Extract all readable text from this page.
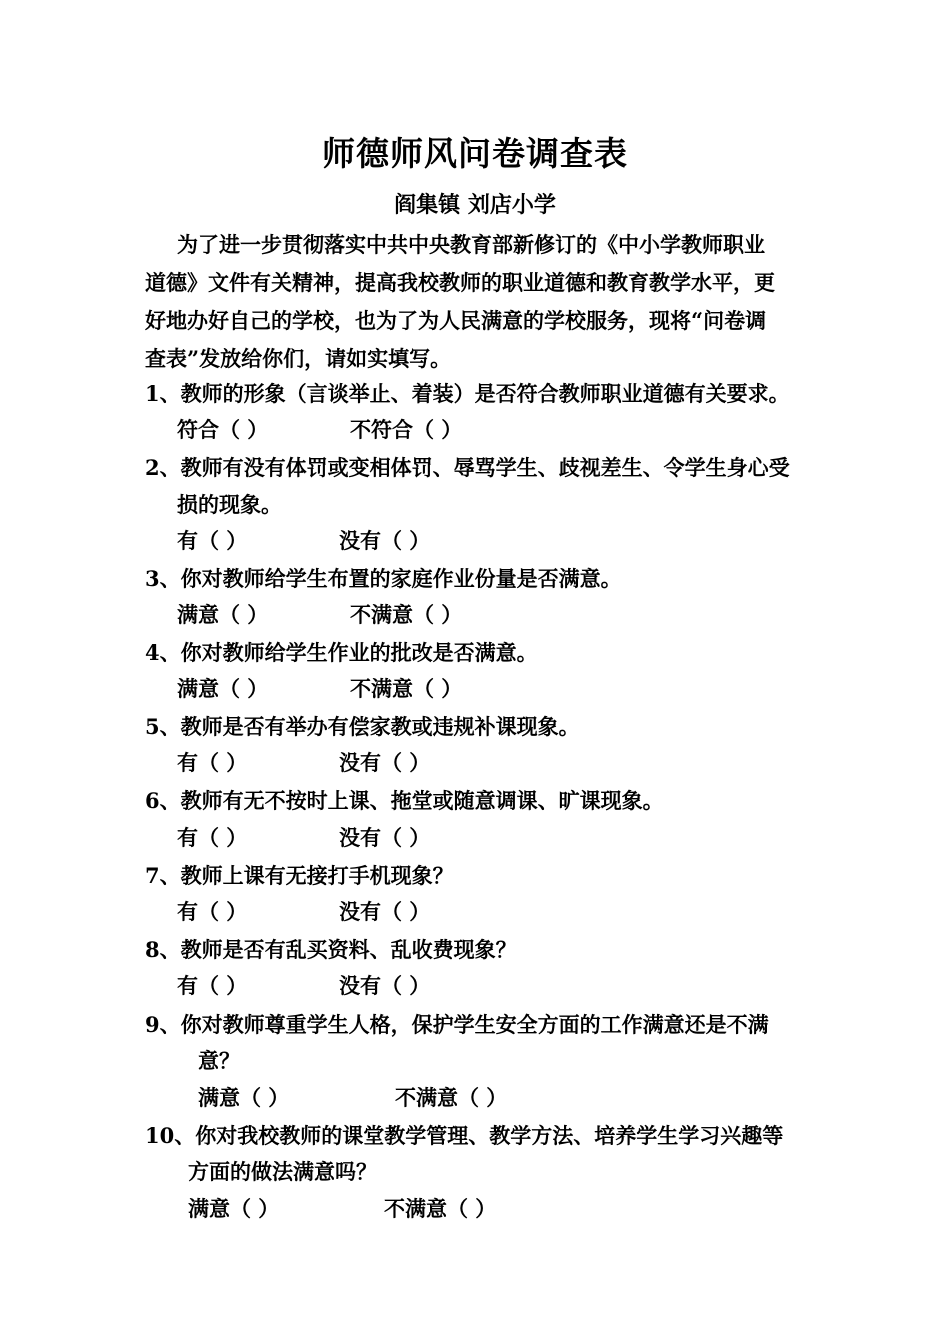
师德师风问卷调查表
阎集镇 刘店小学
为了进一步贯彻落实中共中央教育部新修订的《中小学教师职业
道德》文件有关精神，提高我校教师的职业道德和教育教学水平，更
好地办好自己的学校，也为了为人民满意的学校服务，现将“问卷调
查表”发放给你们，请如实填写。
1、教师的形象（言谈举止、着装）是否符合教师职业道德有关要求。
符合（ ）	不符合（ ）
2、教师有没有体罚或变相体罚、辱骂学生、歧视差生、令学生身心受
损的现象。
有（ ）	没有（ ）
3、你对教师给学生布置的家庭作业份量是否满意。
满意（ ）	不满意（ ）
4、你对教师给学生作业的批改是否满意。
满意（ ）	不满意（ ）
5、教师是否有举办有偿家教或违规补课现象。
有（ ）	没有（ ）
6、教师有无不按时上课、拖堂或随意调课、旷课现象。
有（ ）	没有（ ）
7、教师上课有无接打手机现象？
有（ ）	没有（ ）
8、教师是否有乱买资料、乱收费现象？
有（ ）	没有（ ）
9、你对教师尊重学生人格，保护学生安全方面的工作满意还是不满
意？
满意（ ）	不满意（ ）
10、你对我校教师的课堂教学管理、教学方法、培养学生学习兴趣等
方面的做法满意吗？
满意（ ）	不满意（ ）
